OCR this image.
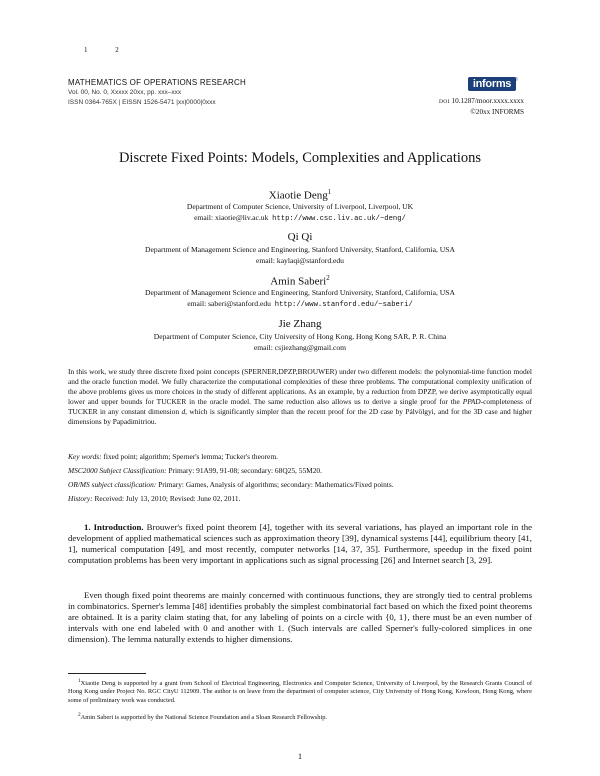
1	2
MATHEMATICS OF OPERATIONS RESEARCH
Vol. 00, No. 0, Xxxxx 20xx, pp. xxx–xxx
ISSN 0364-765X | EISSN 1526-5471 |xx|0000|0xxx
informs ®
DOI 10.1287/moor.xxxx.xxxx
©20xx INFORMS
Discrete Fixed Points: Models, Complexities and Applications
Xiaotie Deng$^1$
Department of Computer Science, University of Liverpool, Liverpool, UK
email: xiaotie@liv.ac.uk http://www.csc.liv.ac.uk/~deng/
Qi Qi
Department of Management Science and Engineering, Stanford University, Stanford, California, USA
email: kaylaqi@stanford.edu
Amin Saberi$^2$
Department of Management Science and Engineering, Stanford University, Stanford, California, USA
email: saberi@stanford.edu http://www.stanford.edu/~saberi/
Jie Zhang
Department of Computer Science, City University of Hong Kong, Hong Kong SAR, P. R. China
email: csjiezhang@gmail.com
In this work, we study three discrete fixed point concepts (SPERNER,DPZP,BROUWER) under two different models: the polynomial-time function model and the oracle function model. We fully characterize the computational complexities of these three problems. The computational complexity unification of the above problems gives us more choices in the study of different applications. As an example, by a reduction from DPZP, we derive asymptotically equal lower and upper bounds for TUCKER in the oracle model. The same reduction also allows us to derive a single proof for the PPAD-completeness of TUCKER in any constant dimension d, which is significantly simpler than the recent proof for the 2D case by Pálvölgyi, and for the 3D case and higher dimensions by Papadimitriou.
Key words: fixed point; algorithm; Sperner's lemma; Tucker's theorem.
MSC2000 Subject Classification: Primary: 91A99, 91-08; secondary: 68Q25, 55M20.
OR/MS subject classification: Primary: Games, Analysis of algorithms; secondary: Mathematics/Fixed points.
History: Received: July 13, 2010; Revised: June 02, 2011.
1. Introduction. Brouwer's fixed point theorem [4], together with its several variations, has played an important role in the development of applied mathematical sciences such as approximation theory [39], dynamical systems [44], equilibrium theory [41, 1], numerical computation [49], and most recently, computer networks [14, 37, 35]. Furthermore, speedup in the fixed point computation problems has been very important in applications such as signal processing [26] and Internet search [3, 29].
Even though fixed point theorems are mainly concerned with continuous functions, they are strongly tied to central problems in combinatorics. Sperner's lemma [48] identifies probably the simplest combinatorial fact based on which the fixed point theorems are obtained. It is a parity claim stating that, for any labeling of points on a circle with {0, 1}, there must be an even number of intervals with one end labeled with 0 and another with 1. (Such intervals are called Sperner's fully-colored simplices in one dimension). The lemma naturally extends to higher dimensions.
$^1$Xiaotie Deng is supported by a grant from School of Electrical Engineering, Electronics and Computer Science, University of Liverpool, by the Research Grants Council of Hong Kong under Project No. RGC CityU 112909. The author is on leave from the department of computer science, City University of Hong Kong, Kowloon, Hong Kong, where some of preliminary work was conducted.
$^2$Amin Saberi is supported by the National Science Foundation and a Sloan Research Fellowship.
1
